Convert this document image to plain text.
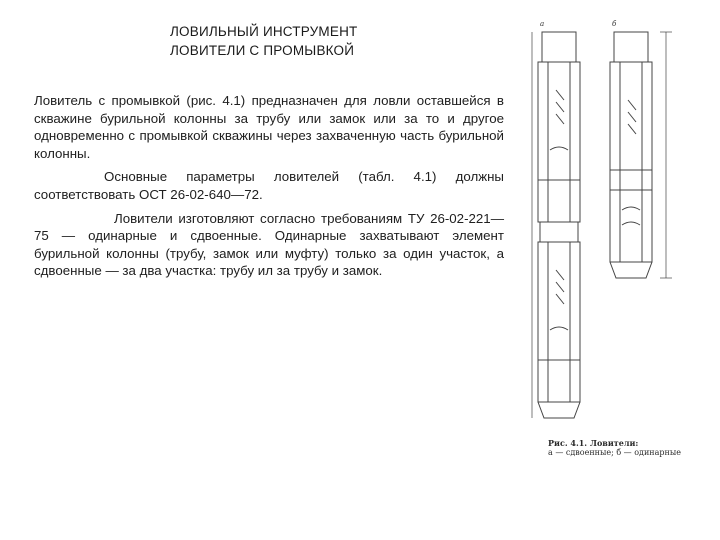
ЛОВИЛЬНЫЙ ИНСТРУМЕНТ
ЛОВИТЕЛИ С ПРОМЫВКОЙ

Ловитель с промывкой (рис. 4.1) предназначен для ловли оставшейся в скважине бурильной колонны за трубу или замок или за то и другое одновременно с промывкой скважины через захваченную часть бурильной колонны.

Основные параметры ловителей (табл. 4.1) должны соответствовать ОСТ 26-02-640—72.

Ловители изготовляют согласно требованиям ТУ 26-02-221—75 — одинарные и сдвоенные. Одинарные захватывают элемент бурильной колонны (трубу, замок или муфту) только за один участок, а сдвоенные — за два участка: трубу ил за трубу и замок.

а	б
Рис. 4.1. Ловители:
а — сдвоенные; б — одинарные
